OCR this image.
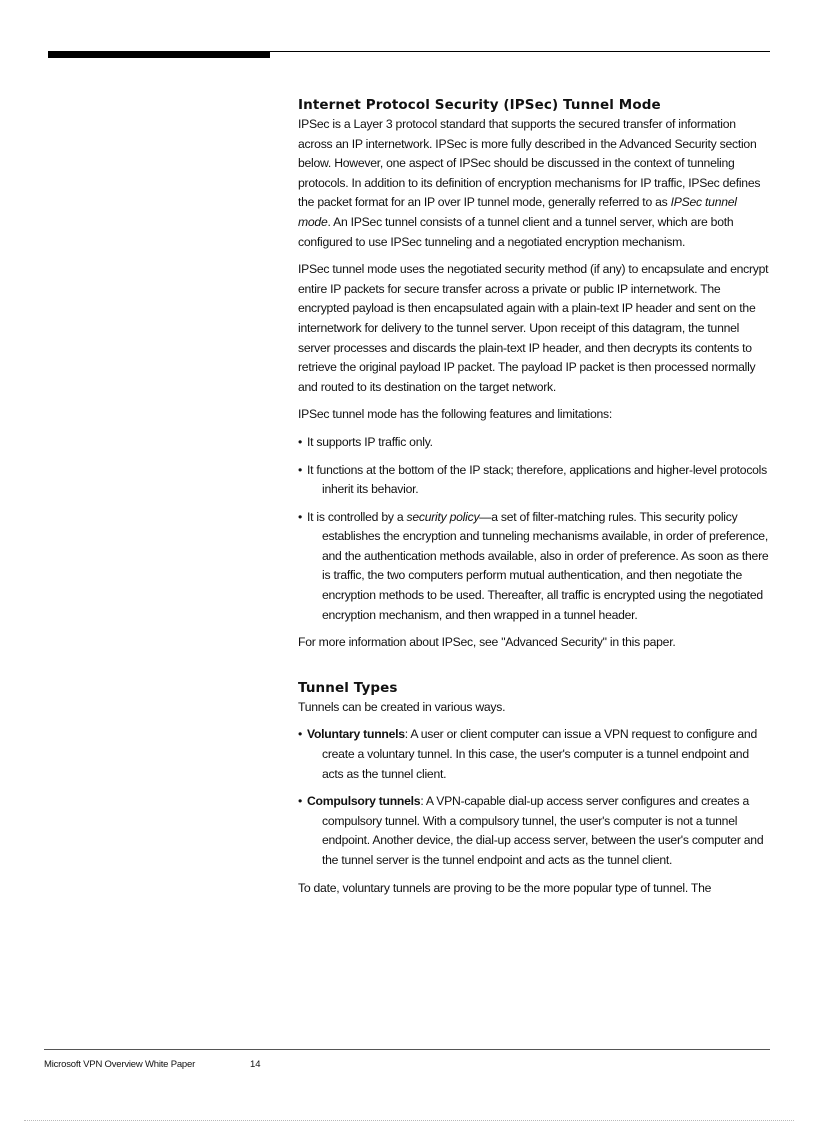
Internet Protocol Security (IPSec) Tunnel Mode

IPSec is a Layer 3 protocol standard that supports the secured transfer of information across an IP internetwork. IPSec is more fully described in the Advanced Security section below. However, one aspect of IPSec should be discussed in the context of tunneling protocols. In addition to its definition of encryption mechanisms for IP traffic, IPSec defines the packet format for an IP over IP tunnel mode, generally referred to as IPSec tunnel mode. An IPSec tunnel consists of a tunnel client and a tunnel server, which are both configured to use IPSec tunneling and a negotiated encryption mechanism.

IPSec tunnel mode uses the negotiated security method (if any) to encapsulate and encrypt entire IP packets for secure transfer across a private or public IP internetwork. The encrypted payload is then encapsulated again with a plain-text IP header and sent on the internetwork for delivery to the tunnel server. Upon receipt of this datagram, the tunnel server processes and discards the plain-text IP header, and then decrypts its contents to retrieve the original payload IP packet. The payload IP packet is then processed normally and routed to its destination on the target network.

IPSec tunnel mode has the following features and limitations:

• It supports IP traffic only.
• It functions at the bottom of the IP stack; therefore, applications and higher-level protocols inherit its behavior.
• It is controlled by a security policy—a set of filter-matching rules. This security policy establishes the encryption and tunneling mechanisms available, in order of preference, and the authentication methods available, also in order of preference. As soon as there is traffic, the two computers perform mutual authentication, and then negotiate the encryption methods to be used. Thereafter, all traffic is encrypted using the negotiated encryption mechanism, and then wrapped in a tunnel header.

For more information about IPSec, see "Advanced Security" in this paper.

Tunnel Types

Tunnels can be created in various ways.

• Voluntary tunnels: A user or client computer can issue a VPN request to configure and create a voluntary tunnel. In this case, the user's computer is a tunnel endpoint and acts as the tunnel client.
• Compulsory tunnels: A VPN-capable dial-up access server configures and creates a compulsory tunnel. With a compulsory tunnel, the user's computer is not a tunnel endpoint. Another device, the dial-up access server, between the user's computer and the tunnel server is the tunnel endpoint and acts as the tunnel client.

To date, voluntary tunnels are proving to be the more popular type of tunnel. The

Microsoft VPN Overview White Paper	14
